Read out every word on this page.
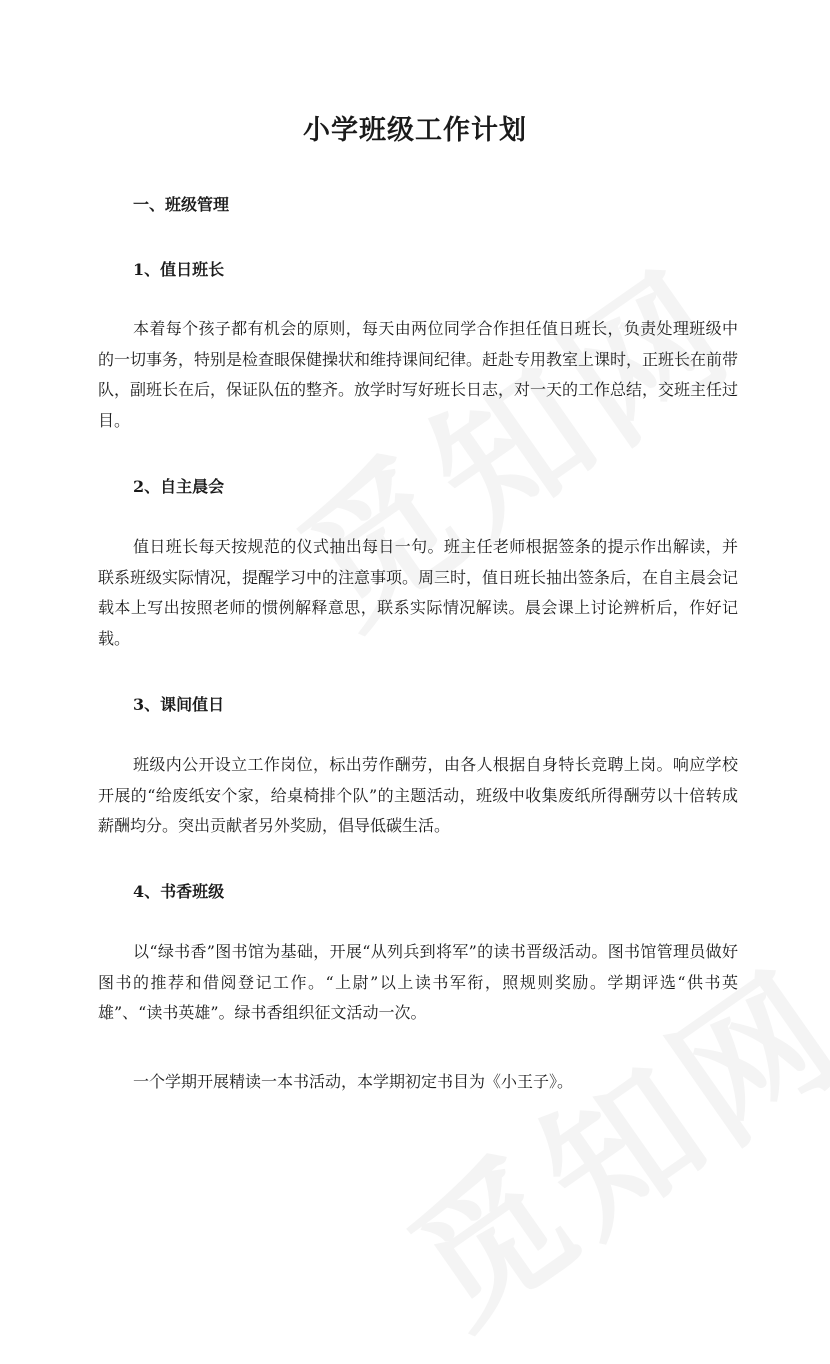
小学班级工作计划
一、班级管理
1、值日班长

本着每个孩子都有机会的原则，每天由两位同学合作担任值日班长，负责处理班级中的一切事务，特别是检查眼保健操状和维持课间纪律。赶赴专用教室上课时，正班长在前带队，副班长在后，保证队伍的整齐。放学时写好班长日志，对一天的工作总结，交班主任过目。

2、自主晨会

值日班长每天按规范的仪式抽出每日一句。班主任老师根据签条的提示作出解读，并联系班级实际情况，提醒学习中的注意事项。周三时，值日班长抽出签条后，在自主晨会记载本上写出按照老师的惯例解释意思，联系实际情况解读。晨会课上讨论辨析后，作好记载。

3、课间值日

班级内公开设立工作岗位，标出劳作酬劳，由各人根据自身特长竞聘上岗。响应学校开展的“给废纸安个家，给桌椅排个队”的主题活动，班级中收集废纸所得酬劳以十倍转成薪酬均分。突出贡献者另外奖励，倡导低碳生活。

4、书香班级

以“绿书香”图书馆为基础，开展“从列兵到将军”的读书晋级活动。图书馆管理员做好图书的推荐和借阅登记工作。“上尉”以上读书军衔，照规则奖励。学期评选“供书英雄”、“读书英雄”。绿书香组织征文活动一次。

一个学期开展精读一本书活动，本学期初定书目为《小王子》。
